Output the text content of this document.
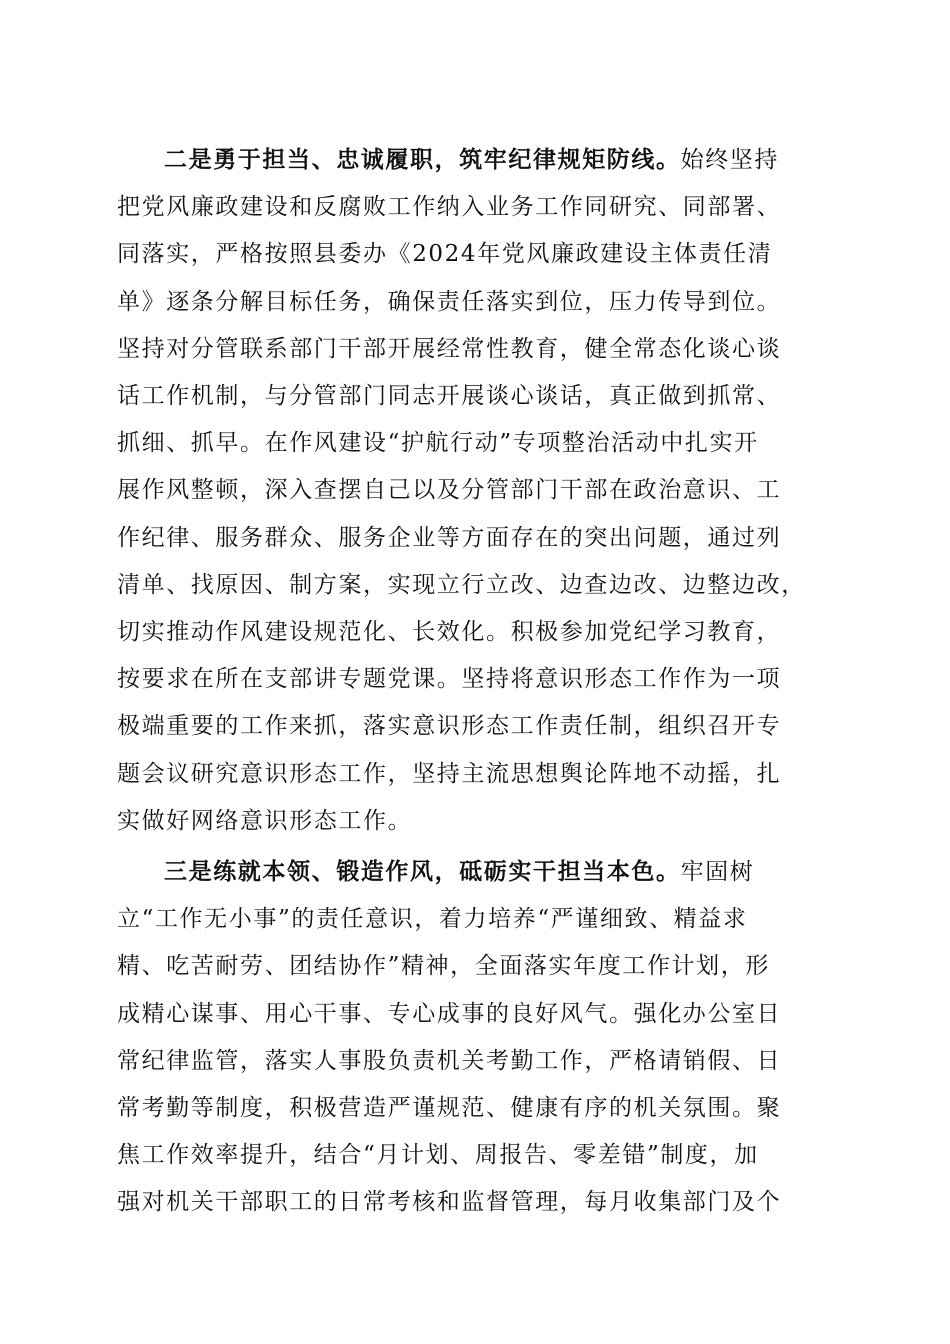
二是勇于担当、忠诚履职，筑牢纪律规矩防线。始终坚持
把党风廉政建设和反腐败工作纳入业务工作同研究、同部署、
同落实，严格按照县委办《2024年党风廉政建设主体责任清
单》逐条分解目标任务，确保责任落实到位，压力传导到位。
坚持对分管联系部门干部开展经常性教育，健全常态化谈心谈
话工作机制，与分管部门同志开展谈心谈话，真正做到抓常、
抓细、抓早。在作风建设“护航行动”专项整治活动中扎实开
展作风整顿，深入查摆自己以及分管部门干部在政治意识、工
作纪律、服务群众、服务企业等方面存在的突出问题，通过列
清单、找原因、制方案，实现立行立改、边查边改、边整边改，
切实推动作风建设规范化、长效化。积极参加党纪学习教育，
按要求在所在支部讲专题党课。坚持将意识形态工作作为一项
极端重要的工作来抓，落实意识形态工作责任制，组织召开专
题会议研究意识形态工作，坚持主流思想舆论阵地不动摇，扎
实做好网络意识形态工作。
三是练就本领、锻造作风，砥砺实干担当本色。牢固树
立“工作无小事”的责任意识，着力培养“严谨细致、精益求
精、吃苦耐劳、团结协作”精神，全面落实年度工作计划，形
成精心谋事、用心干事、专心成事的良好风气。强化办公室日
常纪律监管，落实人事股负责机关考勤工作，严格请销假、日
常考勤等制度，积极营造严谨规范、健康有序的机关氛围。聚
焦工作效率提升，结合“月计划、周报告、零差错”制度，加
强对机关干部职工的日常考核和监督管理，每月收集部门及个
